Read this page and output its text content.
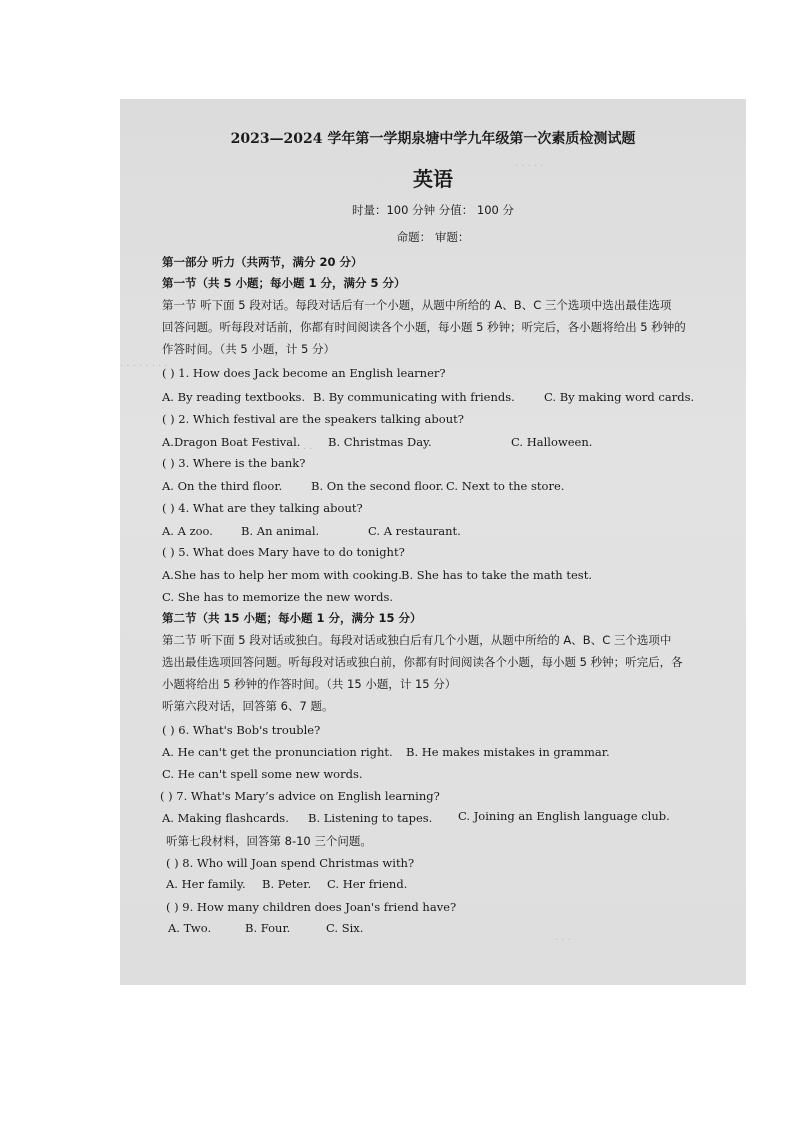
· · · · ·
· · · · · · · ·
· · · ·
· · ·
2023—2024 学年第一学期泉塘中学九年级第一次素质检测试题
英语
时量：100 分钟 分值： 100 分
命题： 审题：
第一部分 听力（共两节，满分 20 分）
第一节（共 5 小题；每小题 1 分，满分 5 分）
第一节 听下面 5 段对话。每段对话后有一个小题，从题中所给的 A、B、C 三个选项中选出最佳选项
回答问题。听每段对话前，你都有时间阅读各个小题，每小题 5 秒钟；听完后，各小题将给出 5 秒钟的
作答时间。（共 5 小题，计 5 分）
( ) 1. How does Jack become an English learner?
A. By reading textbooks. B. By communicating with friends.	C. By making word cards.
( ) 2. Which festival are the speakers talking about?
A.Dragon Boat Festival. B. Christmas Day.	C. Halloween.
( ) 3. Where is the bank?
A. On the third floor.	B. On the second floor. C. Next to the store.
( ) 4. What are they talking about?
A. A zoo. B. An animal.	C. A restaurant.
( ) 5. What does Mary have to do tonight?
A.She has to help her mom with cooking. B. She has to take the math test.
C. She has to memorize the new words.
第二节（共 15 小题；每小题 1 分，满分 15 分）
第二节 听下面 5 段对话或独白。每段对话或独白后有几个小题，从题中所给的 A、B、C 三个选项中
选出最佳选项回答问题。听每段对话或独白前，你都有时间阅读各个小题，每小题 5 秒钟；听完后，各
小题将给出 5 秒钟的作答时间。（共 15 小题，计 15 分）
听第六段对话，回答第 6、7 题。
( ) 6. What's Bob's trouble?
A. He can't get the pronunciation right. B. He makes mistakes in grammar.
C. He can't spell some new words.
( ) 7. What's Mary’s advice on English learning?
A. Making flashcards. B. Listening to tapes. C. Joining an English language club.
听第七段材料，回答第 8-10 三个问题。
( ) 8. Who will Joan spend Christmas with?
A. Her family. B. Peter. C. Her friend.
( ) 9. How many children does Joan's friend have?
A. Two.	B. Four.	C. Six.
